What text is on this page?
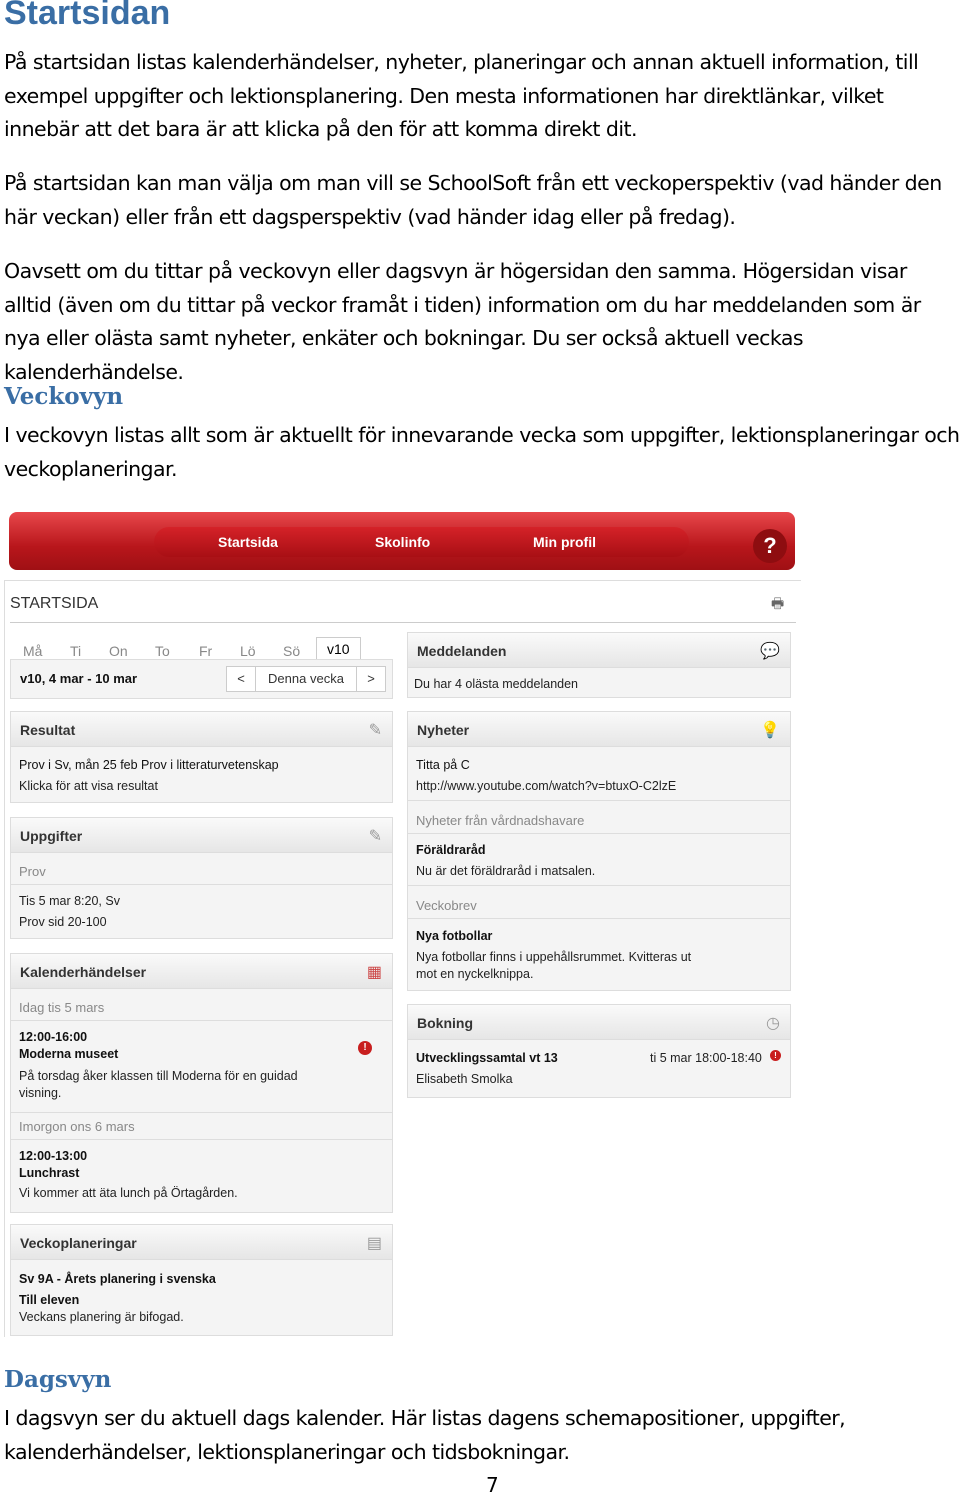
Startsidan

På startsidan listas kalenderhändelser, nyheter, planeringar och annan aktuell information, till exempel uppgifter och lektionsplanering. Den mesta informationen har direktlänkar, vilket innebär att det bara är att klicka på den för att komma direkt dit.

På startsidan kan man välja om man vill se SchoolSoft från ett veckoperspektiv (vad händer den här veckan) eller från ett dagsperspektiv (vad händer idag eller på fredag).

Oavsett om du tittar på veckovyn eller dagsvyn är högersidan den samma. Högersidan visar alltid (även om du tittar på veckor framåt i tiden) information om du har meddelanden som är nya eller olästa samt nyheter, enkäter och bokningar. Du ser också aktuell veckas kalenderhändelse.

Veckovyn

I veckovyn listas allt som är aktuellt för innevarande vecka som uppgifter, lektionsplaneringar och veckoplaneringar.

Startsida	Skolinfo	Min profil	?
STARTSIDA	🖶
Må Ti On To Fr Lö Sö	v10
v10, 4 mar - 10 mar	<	Denna vecka	>
Resultat	✎
Prov i Sv, mån 25 feb Prov i litteraturvetenskap
Klicka för att visa resultat
Uppgifter	✎
Prov
Tis 5 mar 8:20, Sv
Prov sid 20-100
Kalenderhändelser	▦
Idag tis 5 mars
12:00-16:00
Moderna museet	!
På torsdag åker klassen till Moderna för en guidad visning.
Imorgon ons 6 mars
12:00-13:00
Lunchrast
Vi kommer att äta lunch på Örtagården.
Veckoplaneringar	▤
Sv 9A - Årets planering i svenska
Till eleven
Veckans planering är bifogad.
Meddelanden	💬
Du har 4 olästa meddelanden
Nyheter	💡
Titta på C
http://www.youtube.com/watch?v=btuxO-C2lzE
Nyheter från vårdnadshavare
Föräldraråd
Nu är det föräldraråd i matsalen.
Veckobrev
Nya fotbollar
Nya fotbollar finns i uppehållsrummet. Kvitteras ut
mot en nyckelknippa.
Bokning	◷
Utvecklingssamtal vt 13	ti 5 mar 18:00-18:40	!
Elisabeth Smolka
Dagsvyn

I dagsvyn ser du aktuell dags kalender. Här listas dagens schemapositioner, uppgifter, kalenderhändelser, lektionsplaneringar och tidsbokningar.

7
